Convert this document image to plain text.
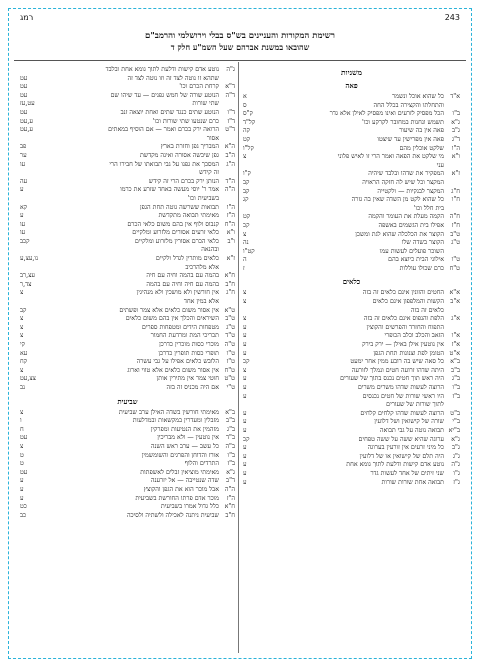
243
רמג
רשימת המקורות והעניינים בש"ס בבלי וירושלמי והרמב"ם
שהובאו במשנת אברהם שעל השמ"ע חלק ד
משניות
פאה
א"ד
כל שהוא אוכל ונשמר
א
והתחלתו והקצירה בכלל החה
ס
ב"ו
הכל מפסיק לזרעים ואינו מפסיק לאילן אלא גדר
ק"ס
ג"א
תשמש ונחנות במחובר לקרקע וכו'
קל"ד
ג"ב
פאה אין בה שיעור
קה
ד"ג
פאה אין מפרישין עד שיצטו
קט
ה"ו
שלקט אוכלין מהם
קל"ו
ו"א
מי שלקט את הפאה ואמר הרי זו לאיש פלוני
צ
עני
ז"א
המפקיר את שדהו ובלבד שיהיה
ק"ו
המקצר וכל שיש לה חזקה הראויה
קב
ח"ג
המקצר לבנקיות — ולקטייה
קב
ח"ו
כל שהוא לקט מן השדה שאין בה גזרה
קג
בית חלל וכו'
ח"ה
הקמה מעלת את העומר והקמה
קט
ח"ז
אפילו בית הגשמים באשפה
קכ
ט"ב
הקוצר את הכלכלה שהוא לגת ומשכן
צ
ט"ג
הקוצר בשדה שלו
נה
השוכר פועלים לעשות עמו
קט"ו
ט"ו
אילוני הבית כיוצא בהם
ה
ט"ח
כרם שכולו עוללות
ז
כלאים
א"א
החטים והזונין אינם כלאים זה בזה
צ
א"ב
הקשות והמלפפון אינם כלאים
צ
כלאים זה בזה
א"ג
הלפת והנפוס אינם כלאים זה בזה
צ
התפוח והחזרד והפרשים והקוצין
ע
א"ו
הזאב והכלב וכלב הכופרי
ע
א"ז
אין נוטעין אילן באילן — ירק בירק
ע
א"ט
הטומן לפת וצנונות תחת הגפן
ע
ב"א
כל סאה שיש בה רובע ממין אחר ימעט
קכ
ב"ב
היתה שדהו זרועה חטים ונמלך לזורעה
צ
ב"ג
היה ראש תוך חטים נכנס בתוך של שעורים
ע
ב"ו
הרוצה לעשות שדהו משרים משרים
ע
ב"ז
היו ראשי שורות של חטים נכנסים
ע
לתוך שורות של שעורים
ב"ט
הרוצה לעשות שדהו קלחים קלחים
ע
ב"י
שורה של קישואין ושל דלועין
ע
ב"יא
תבואה נוטה על גבי תבואה
ע
ג"א
ערוגה שהיא ששה על ששה טפחים
קכ
ג"ב
כל מיני זרעים אין זורעין בערוגה
ע
ג"ג
היה תלם של קישואין או של דלועין
ע
ג"ה
נוטע אדם קישות ודלעת לתוך גומא אחת
ע
ג"ו
שני זיתים של אחד לעשות גדר
ע
ג"ז
תבואה אחת שורות שורות
ע
ג"ה
נוטע אדם קישות ודלעת לתוך גומא אחת ובלבד
שתהא זו נוטה לצד זה וזו נוטה לצד זה
עט
ד"א
קרחת הכרם וכו'
עט
ד"ה
הנוטע שורה של חמש גפנים — עד שיהו שם
עט
שתי שורות
עט,עז
ד"ו
הנוטע שתים כנגד שתים ואחת יוצאה זנב
עט
ד"ז
כרם שנטעו שתי שורות וכו'
ע,עט
ד"ט
הרואה ירק בכרם ואמר — אם הוסיף במאתים
ע,עט
אסור
ה"א
המבריך גפן וחזרת בארץ
פב
ה"ב
גפן שיבשה אסורה ואינה מקדשת
ער
ה"ג
המסכך את גפנו על גבי תבואתו של חבירו הרי
עו
זה קידש
ה"ד
הנותן ירק בכרם הרי זה קידש
עה
ה"ה
אמר ר' יוסי מעשה באחד שזרע את כרמו
ע
בשביעית וכו'
ה"ו
תבואות ששרשה גוטה תחת הגפן
קא
ה"ז
מאימתי תבואה מתקדשת
ע
ה"ח
קנבוס ולוף אין בהם משום כלאי הכרם
עו
ו"א
כלאי זרעים אסורים מלזרוע ומלקיים
עו
ו"ב
כלאי הכרם אסורין מלזרוע ומלקיים
קכב
ובהנאה
ז"א
כלאים מותרין לגדל ולקיים
נו,עצ,ע
אלא מלהרכיב
ח"א
בהמה עם בהמה וחיה עם חיה
עצ,רב
ח"ב
בהמה עם חיה וחיה עם בהמה
צד,ר
ח"ג
אין חורשין ולא מושכין ולא מנהיגין
צ
אלא במין אחד
ט"א
אין אסור משום כלאים אלא צמר ופשתים
קב
ט"ב
השיראים והכלך אין בהם משום כלאים
צ
ט"ג
מטפחות הידים ומטפחות ספרים
צ
ט"ד
תכריכי המת ומרדעת החמור
צ
ט"ה
מוכרי כסות מוכרין כדרכן
קי
ט"ו
תופרי כסות תופרין כדרכן
עא
ט"ז
הלובש כלאים אפילו על גבי עשרה
קח
ט"ח
אין אסור משום כלאים אלא טווי וארוג
צ
ט"ט
חוטי צמר אין מתירין אותן
צצ,עט
ט"י
אם היה מכניס זה בזה
נב
שביעית
ב"א
מאימתי חורשין בשדה האילן ערב שביעית
צ
ב"ב
מזבלין ומעדרין במקשאות ובמדלעות
ו
ב"ג
מזהמין את הנטיעות ומפרקין
ח
ב"ד
אין נוטעין — ולא מבריכין
עט
ב"ה
כל עשב — ערב ראש השנה
צ
ב"ו
אורז והדוחן והפרגים והשומשמין
ט
ב"ז
התרדים והלוף
ט
ג"א
מאימתי מוציאין זבלים לאשפתות
עט
ד"ב
שדה שנטייבה — אל יזרענה
ע
ה"ה
אבל מוכר הוא את הגפן והקוצץ
ע
ה"ז
מוכר אדם פרתו החורשת בשביעית
ע
ח"א
כלל גדול אמרו בשביעית
כט
ח"ב
שביעית ניתנה לאכילה ולשתיה ולסיכה
כב
